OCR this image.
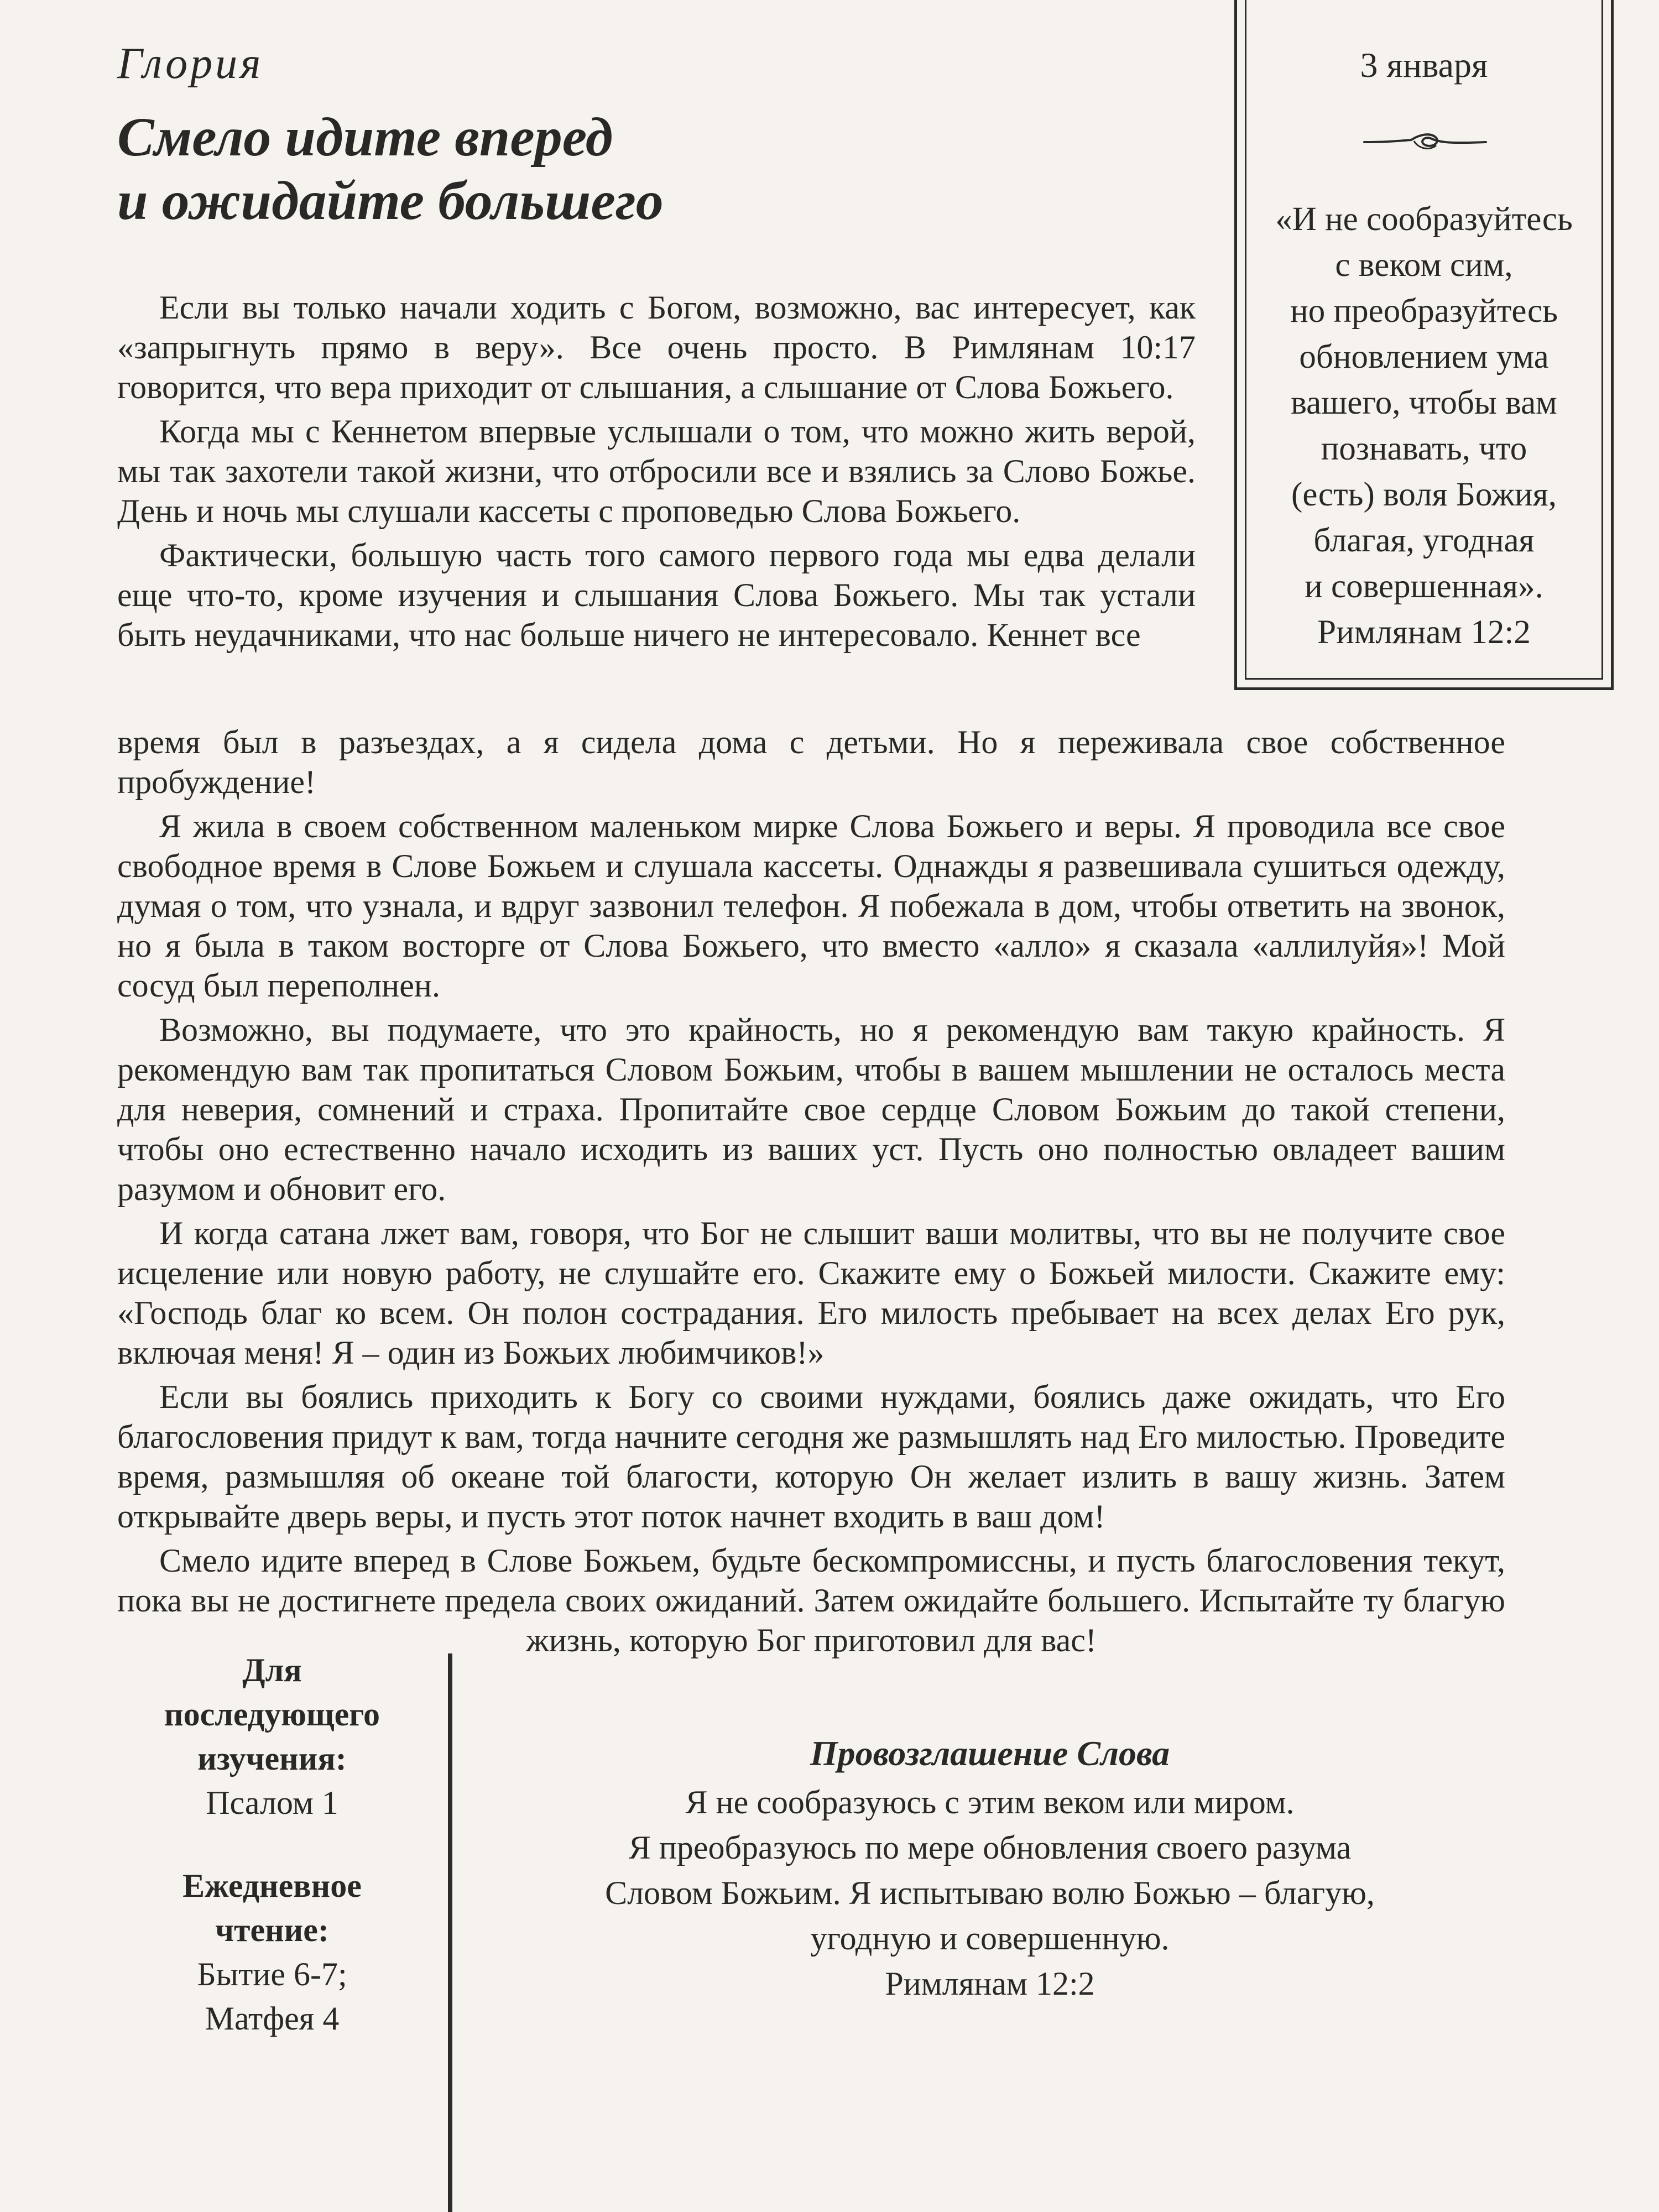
3 января
«И не сообразуйтесь
с веком сим,
но преобразуйтесь
обновлением ума
вашего, чтобы вам
познавать, что
(есть) воля Божия,
благая, угодная
и совершенная».
Римлянам 12:2
Глория
Смело идите вперед
и ожидайте большего

Если вы только начали ходить с Богом, возможно, вас интересует, как «запрыгнуть прямо в веру». Все очень просто. В Римлянам 10:17 говорится, что вера приходит от слышания, а слышание от Слова Божьего.

Когда мы с Кеннетом впервые услышали о том, что можно жить верой, мы так захотели такой жизни, что отбросили все и взялись за Слово Божье. День и ночь мы слушали кассеты с проповедью Слова Божьего.

Фактически, большую часть того самого первого года мы едва делали еще что-то, кроме изучения и слышания Слова Божьего. Мы так устали быть неудачниками, что нас больше ничего не интересовало. Кеннет все

время был в разъездах, а я сидела дома с детьми. Но я переживала свое собственное пробуждение!

Я жила в своем собственном маленьком мирке Слова Божьего и веры. Я проводила все свое свободное время в Слове Божьем и слушала кассеты. Однажды я развешивала сушиться одежду, думая о том, что узнала, и вдруг зазвонил телефон. Я побежала в дом, чтобы ответить на звонок, но я была в таком восторге от Слова Божьего, что вместо «алло» я сказала «аллилуйя»! Мой сосуд был переполнен.

Возможно, вы подумаете, что это крайность, но я рекомендую вам такую крайность. Я рекомендую вам так пропитаться Словом Божьим, чтобы в вашем мышлении не осталось места для неверия, сомнений и страха. Пропитайте свое сердце Словом Божьим до такой степени, чтобы оно естественно начало исходить из ваших уст. Пусть оно полностью овладеет вашим разумом и обновит его.

И когда сатана лжет вам, говоря, что Бог не слышит ваши молитвы, что вы не получите свое исцеление или новую работу, не слушайте его. Скажите ему о Божьей милости. Скажите ему: «Господь благ ко всем. Он полон сострадания. Его милость пребывает на всех делах Его рук, включая меня! Я – один из Божьих любимчиков!»

Если вы боялись приходить к Богу со своими нуждами, боялись даже ожидать, что Его благословения придут к вам, тогда начните сегодня же размышлять над Его милостью. Проведите время, размышляя об океане той благости, которую Он желает излить в вашу жизнь. Затем открывайте дверь веры, и пусть этот поток начнет входить в ваш дом!

Смело идите вперед в Слове Божьем, будьте бескомпромиссны, и пусть благословения текут, пока вы не достигнете предела своих ожиданий. Затем ожидайте большего. Испытайте ту благую жизнь, которую Бог приготовил для вас!

Для
последующего
изучения:
Псалом 1
Ежедневное
чтение:
Бытие 6-7;
Матфея 4
Провозглашение Слова
Я не сообразуюсь с этим веком или миром.
Я преобразуюсь по мере обновления своего разума
Словом Божьим. Я испытываю волю Божью – благую,
угодную и совершенную.
Римлянам 12:2
